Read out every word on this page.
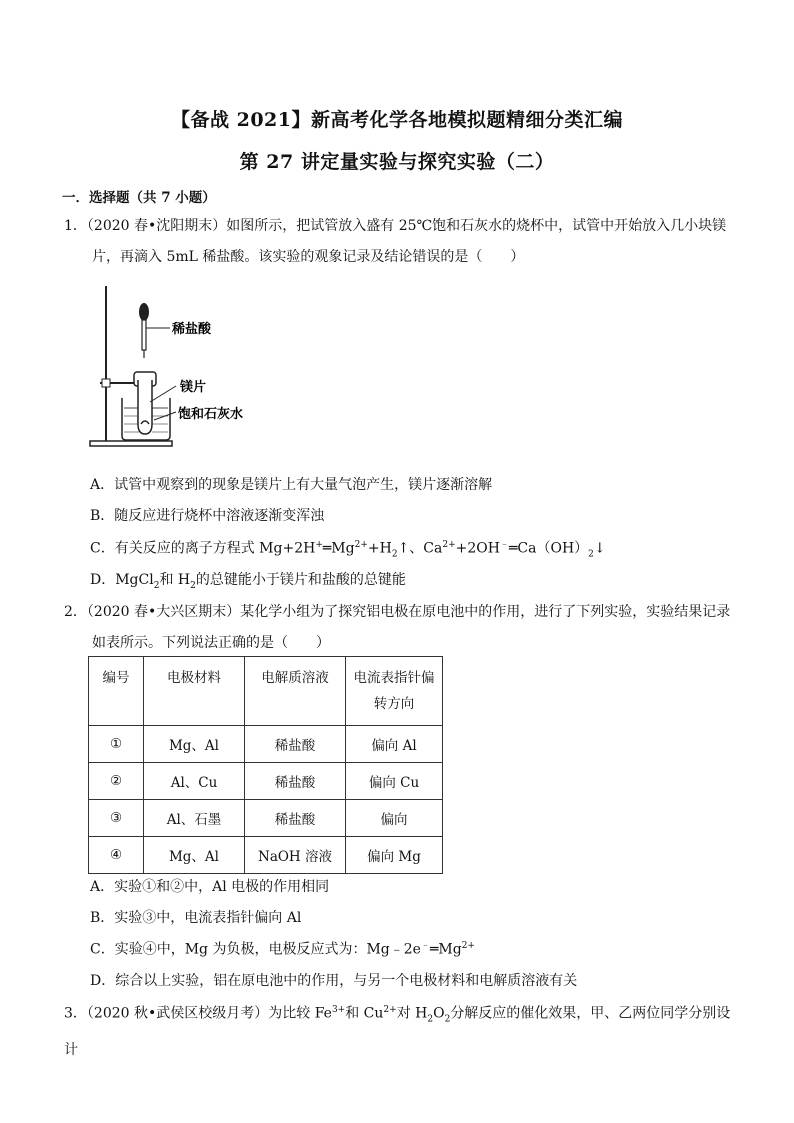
【备战 2021】新高考化学各地模拟题精细分类汇编
第 27 讲定量实验与探究实验（二）
一．选择题（共 7 小题）
1．（2020 春•沈阳期末）如图所示，把试管放入盛有 25℃饱和石灰水的烧杯中，试管中开始放入几小块镁
片，再滴入 5mL 稀盐酸。该实验的观象记录及结论错误的是（　　）
稀盐酸
镁片
饱和石灰水
A．试管中观察到的现象是镁片上有大量气泡产生，镁片逐渐溶解
B．随反应进行烧杯中溶液逐渐变浑浊
C．有关反应的离子方程式 $Mg+2H^+═Mg^{2+}+H_2↑$、$Ca^{2+}+2OH^﹣═Ca(OH)_2↓$
D．MgCl$_2$和 $H_2$的总键能小于镁片和盐酸的总键能
2．（2020 春•大兴区期末）某化学小组为了探究铝电极在原电池中的作用，进行了下列实验，实验结果记录
如表所示。下列说法正确的是（　　）
编号	电极材料	电解质溶液	电流表指针偏
转方向
①	Mg、Al	稀盐酸	偏向 Al
②	Al、Cu	稀盐酸	偏向 Cu
③	Al、石墨	稀盐酸	偏向
④	Mg、Al	NaOH 溶液	偏向 Mg
A．实验①和②中，Al 电极的作用相同
B．实验③中，电流表指针偏向 Al
C．实验④中，Mg 为负极，电极反应式为：$Mg﹣2e^﹣═Mg^{2+}$
D．综合以上实验，铝在原电池中的作用，与另一个电极材料和电解质溶液有关
3．（2020 秋•武侯区校级月考）为比较 $Fe^{3+}$和 $Cu^{2+}$对 $H_2O_2$分解反应的催化效果，甲、乙两位同学分别设计
